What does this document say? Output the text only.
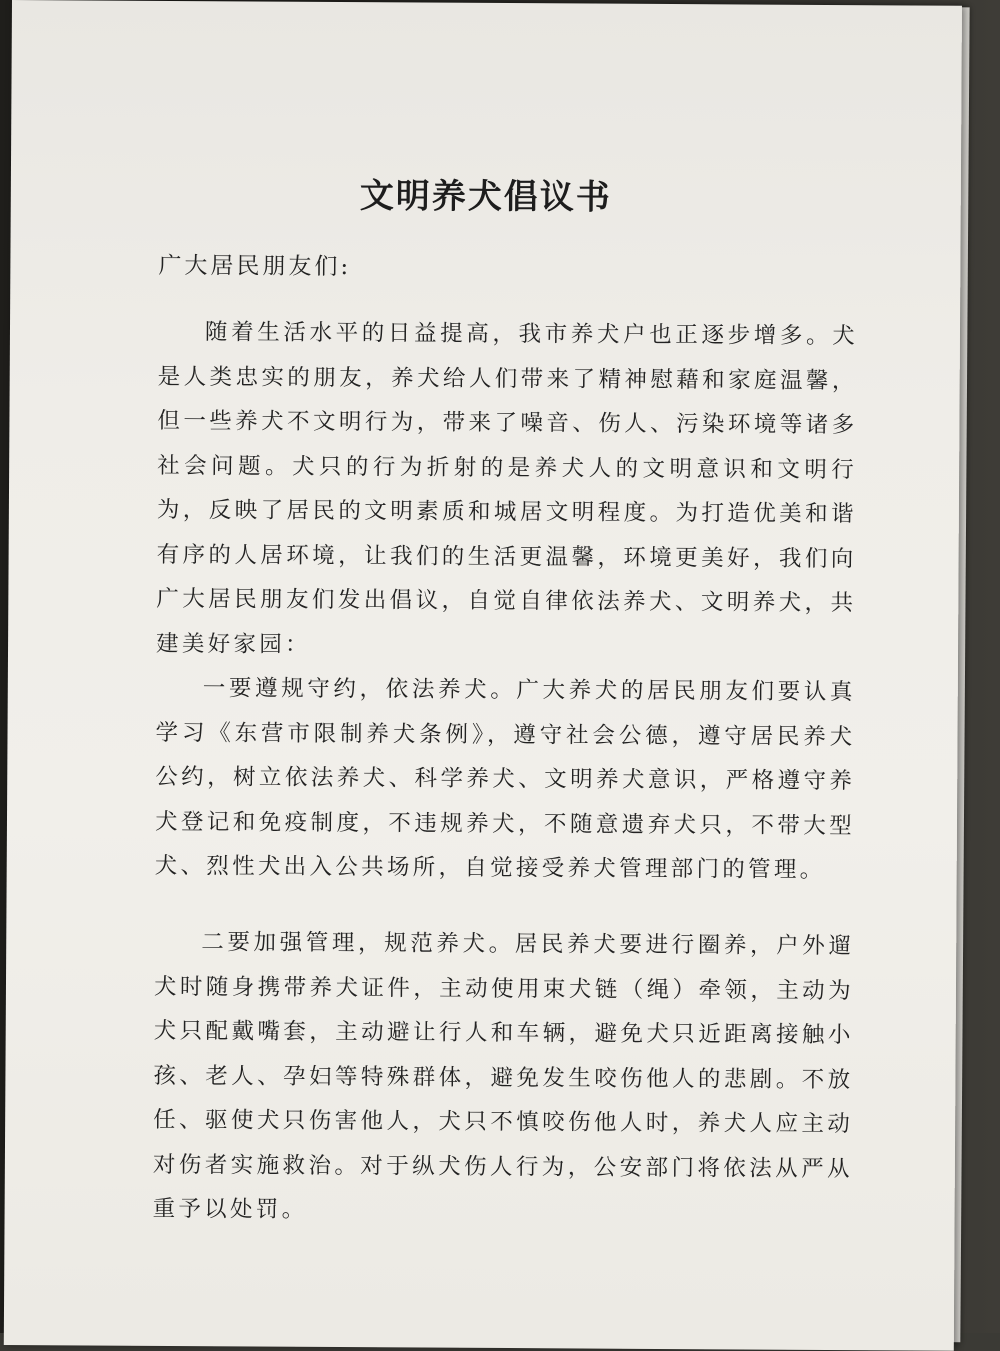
文明养犬倡议书
广大居民朋友们:
随着生活水平的日益提高，我市养犬户也正逐步增多。犬是人类忠实的朋友，养犬给人们带来了精神慰藉和家庭温馨，但一些养犬不文明行为，带来了噪音、伤人、污染环境等诸多社会问题。犬只的行为折射的是养犬人的文明意识和文明行为，反映了居民的文明素质和城居文明程度。为打造优美和谐有序的人居环境，让我们的生活更温馨，环境更美好，我们向广大居民朋友们发出倡议，自觉自律依法养犬、文明养犬，共建美好家园：
一要遵规守约，依法养犬。广大养犬的居民朋友们要认真学习《东营市限制养犬条例》，遵守社会公德，遵守居民养犬公约，树立依法养犬、科学养犬、文明养犬意识，严格遵守养犬登记和免疫制度，不违规养犬，不随意遗弃犬只，不带大型犬、烈性犬出入公共场所，自觉接受养犬管理部门的管理。
二要加强管理，规范养犬。居民养犬要进行圈养，户外遛犬时随身携带养犬证件，主动使用束犬链（绳）牵领，主动为犬只配戴嘴套，主动避让行人和车辆，避免犬只近距离接触小孩、老人、孕妇等特殊群体，避免发生咬伤他人的悲剧。不放任、驱使犬只伤害他人，犬只不慎咬伤他人时，养犬人应主动对伤者实施救治。对于纵犬伤人行为，公安部门将依法从严从重予以处罚。
